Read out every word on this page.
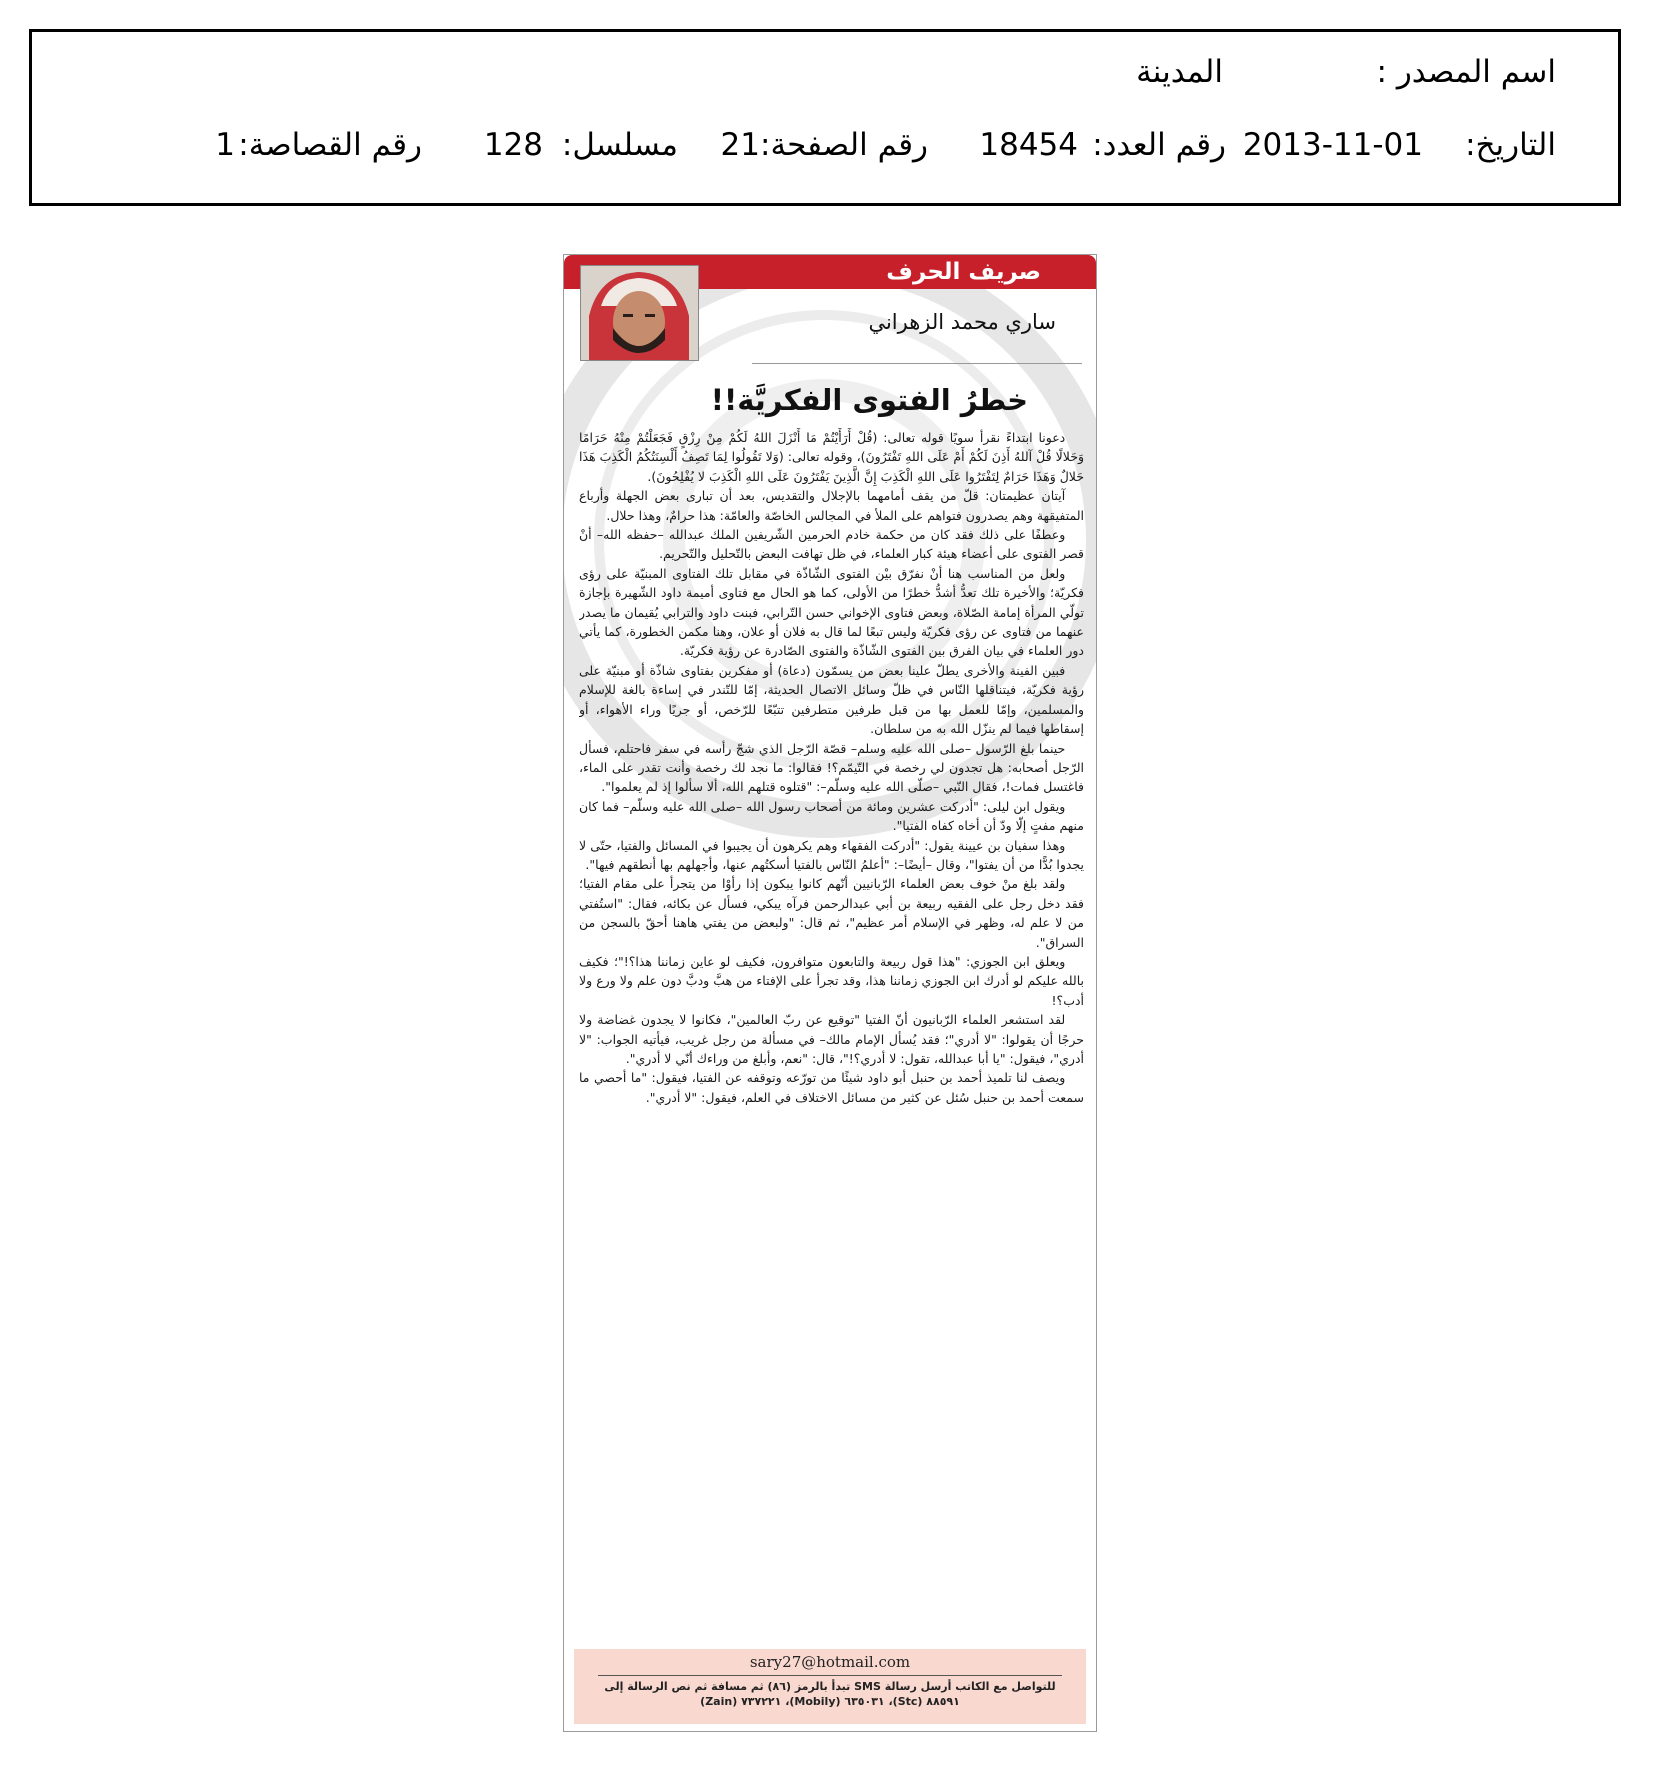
اسم المصدر :
المدينة
التاريخ:
2013-11-01
رقم العدد:
18454
رقم الصفحة:
21
مسلسل:
128
رقم القصاصة:
1
صريف الحرف
ساري محمد الزهراني
خطرُ الفتوى الفكريَّة!!

دعونا ابتداءً نقرأ سويًا قوله تعالى: (قُلْ أَرَأَيْتُمْ مَا أَنْزَلَ اللهُ لَكُمْ مِنْ رِزْقٍ فَجَعَلْتُمْ مِنْهُ حَرَامًا وَحَلالًا قُلْ آللهُ أَذِنَ لَكُمْ أَمْ عَلَى اللهِ تَفْتَرُونَ)، وقوله تعالى: (وَلا تَقُولُوا لِمَا تَصِفُ أَلْسِنَتُكُمُ الْكَذِبَ هَذَا حَلالٌ وَهَذَا حَرَامٌ لِتَفْتَرُوا عَلَى اللهِ الْكَذِبَ إِنَّ الَّذِينَ يَفْتَرُونَ عَلَى اللهِ الْكَذِبَ لا يُفْلِحُونَ).

آيتان عظيمتان: قلّ من يقف أمامهما بالإجلال والتقديس، بعد أن تبارى بعض الجهلة وأرباع المتفيقهة وهم يصدرون فتواهم على الملأ في المجالس الخاصّة والعامّة: هذا حرامٌ، وهذا حلال.

وعطفًا على ذلك فقد كان من حكمة خادم الحرمين الشّريفين الملك عبدالله –حفظه الله– أنْ قصر الفتوى على أعضاء هيئة كبار العلماء، في ظل تهافت البعض بالتّحليل والتّحريم.

ولعل من المناسب هنا أنْ نفرّق بيْن الفتوى الشّاذّة في مقابل تلك الفتاوى المبنيّة على رؤى فكريّة؛ والأخيرة تلك تعدُّ أشدُّ خطرًا من الأولى، كما هو الحال مع فتاوى أميمة داود الشّهيرة بإجازة تولّي المرأة إمامة الصّلاة، وبعض فتاوى الإخواني حسن التّرابي، فبنت داود والترابي يُقيمان ما يصدر عنهما من فتاوى عن رؤى فكريّة وليس تبعًا لما قال به فلان أو علان، وهنا مكمن الخطورة، كما يأتي دور العلماء في بيان الفرق بين الفتوى الشّاذّة والفتوى الصّادرة عن رؤية فكريّة.

فبين الفينة والأخرى يطلّ علينا بعض من يسمّون (دعاة) أو مفكرين بفتاوى شاذّة أو مبنيّة على رؤية فكريّة، فيتناقلها النّاس في ظلّ وسائل الاتصال الحديثة، إمّا للتّندر في إساءة بالغة للإسلام والمسلمين، وإمّا للعمل بها من قبل طرفين متطرفين تتبّعًا للرّخص، أو جريًا وراء الأهواء، أو إسقاطها فيما لم ينزّل الله به من سلطان.

حينما بلغ الرّسول –صلى الله عليه وسلم– قصّة الرّجل الذي شجّ رأسه في سفر فاحتلم، فسأل الرّجل أصحابه: هل تجدون لي رخصة في التّيمّم؟! فقالوا: ما نجد لك رخصة وأنت تقدر على الماء، فاغتسل فمات!، فقال النّبي –صلّى الله عليه وسلّم–: "قتلوه قتلهم الله، ألا سألوا إذ لم يعلموا".

ويقول ابن ليلى: "أدركت عشرين ومائة من أصحاب رسول الله –صلى الله عليه وسلّم– فما كان منهم مفتٍ إلّا ودّ أن أخاه كفاه الفتيا".

وهذا سفيان بن عيينة يقول: "أدركت الفقهاء وهم يكرهون أن يجيبوا في المسائل والفتيا، حتّى لا يجدوا بُدًّا من أن يفتوا"، وقال –أيضًا–: "أعلمُ النّاس بالفتيا أسكتُهم عنها، وأجهلهم بها أنطقهم فيها".

ولقد بلغ منْ خوف بعض العلماء الرّبانيين أنّهم كانوا يبكون إذا رأوْا من يتجرأ على مقام الفتيا؛ فقد دخل رجل على الفقيه ربيعة بن أبي عبدالرحمن فرآه يبكي، فسأل عن بكائه، فقال: "استُفتي من لا علم له، وظهر في الإسلام أمر عظيم"، ثم قال: "ولبعض من يفتي هاهنا أحقّ بالسجن من السراق".

ويعلق ابن الجوزي: "هذا قول ربيعة والتابعون متوافرون، فكيف لو عاين زماننا هذا؟!"؛ فكيف بالله عليكم لو أدرك ابن الجوزي زماننا هذا، وقد تجرأ على الإفتاء من هبَّ ودبَّ دون علم ولا ورع ولا أدب؟!

لقد استشعر العلماء الرّبانيون أنّ الفتيا "توقيع عن ربّ العالمين"، فكانوا لا يجدون غضاضة ولا حرجًا أن يقولوا: "لا أدري"؛ فقد يُسأل الإمام مالك– في مسألة من رجل غريب، فيأتيه الجواب: "لا أدري"، فيقول: "يا أبا عبدالله، تقول: لا أدري؟!"، قال: "نعم، وأبلغ من وراءك أنّي لا أدري".

ويصف لنا تلميذ أحمد بن حنبل أبو داود شيئًا من تورّعه وتوقفه عن الفتيا، فيقول: "ما أحصي ما سمعت أحمد بن حنبل سُئل عن كثير من مسائل الاختلاف في العلم، فيقول: "لا أدري".

sary27@hotmail.com
للتواصل مع الكاتب أرسل رسالة SMS تبدأ بالرمز (٨٦) ثم مسافة ثم نص الرسالة إلى ٨٨٥٩١ (Stc)، ٦٣٥٠٣١ (Mobily)، ٧٣٧٢٢١ (Zain)
